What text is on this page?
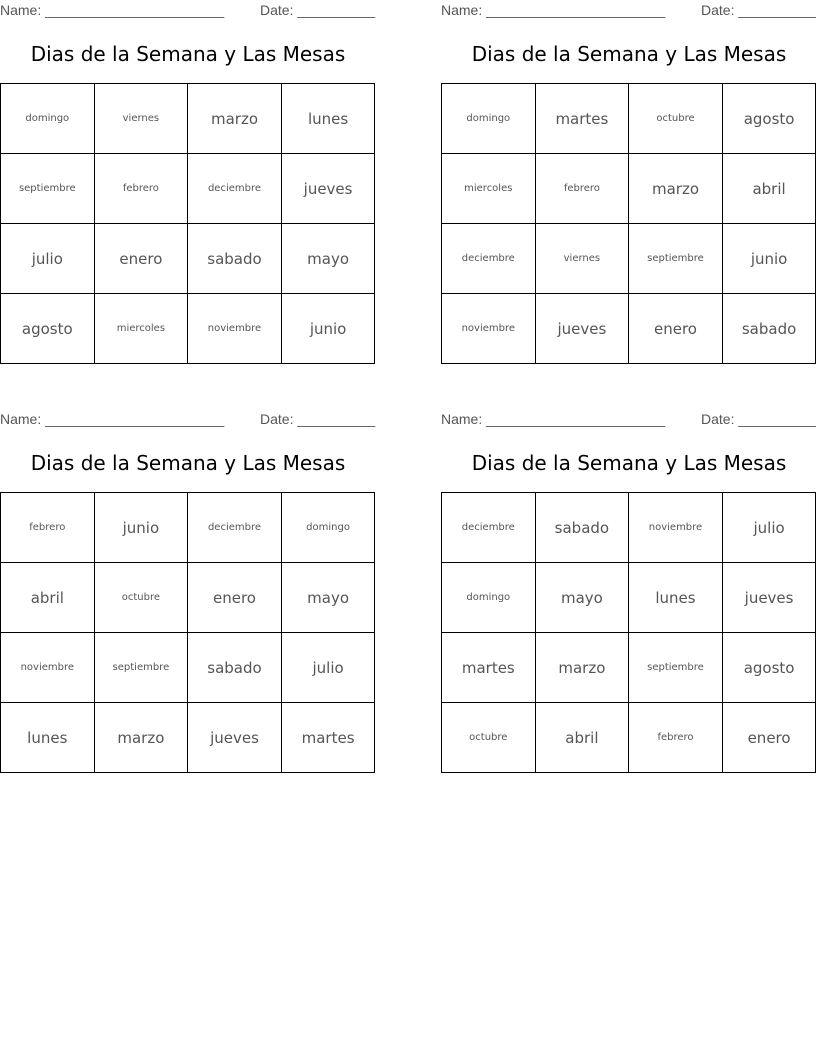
Name: _______________________	Date: __________
Dias de la Semana y Las Mesas
domingo	viernes	marzo	lunes
septiembre	febrero	deciembre	jueves
julio	enero	sabado	mayo
agosto	miercoles	noviembre	junio
Name: _______________________	Date: __________
Dias de la Semana y Las Mesas
domingo	martes	octubre	agosto
miercoles	febrero	marzo	abril
deciembre	viernes	septiembre	junio
noviembre	jueves	enero	sabado
Name: _______________________	Date: __________
Dias de la Semana y Las Mesas
febrero	junio	deciembre	domingo
abril	octubre	enero	mayo
noviembre	septiembre	sabado	julio
lunes	marzo	jueves	martes
Name: _______________________	Date: __________
Dias de la Semana y Las Mesas
deciembre	sabado	noviembre	julio
domingo	mayo	lunes	jueves
martes	marzo	septiembre	agosto
octubre	abril	febrero	enero
